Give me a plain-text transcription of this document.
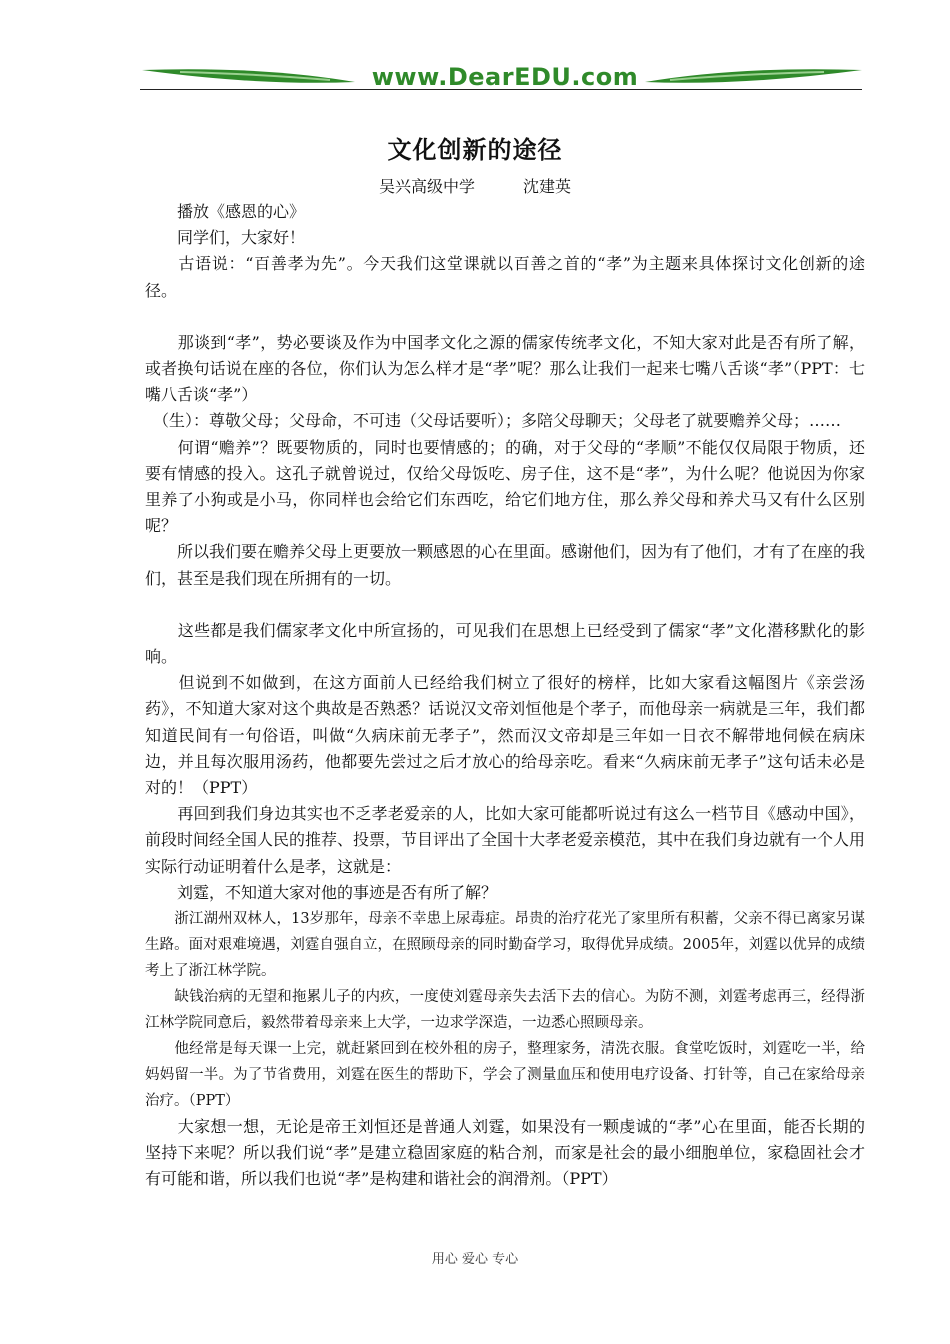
www.DearEDU.com
文化创新的途径
吴兴高级中学	沈建英

　　播放《感恩的心》

　　同学们，大家好！

　　古语说：“百善孝为先”。今天我们这堂课就以百善之首的“孝”为主题来具体探讨文化创新的途径。

　　那谈到“孝”，势必要谈及作为中国孝文化之源的儒家传统孝文化，不知大家对此是否有所了解，或者换句话说在座的各位，你们认为怎么样才是“孝”呢？那么让我们一起来七嘴八舌谈“孝”（PPT：七嘴八舌谈“孝”）

　（生）：尊敬父母；父母命，不可违（父母话要听）；多陪父母聊天；父母老了就要赡养父母；……

　　何谓“赡养”？既要物质的，同时也要情感的；的确，对于父母的“孝顺”不能仅仅局限于物质，还要有情感的投入。这孔子就曾说过，仅给父母饭吃、房子住，这不是“孝”，为什么呢？他说因为你家里养了小狗或是小马，你同样也会给它们东西吃，给它们地方住，那么养父母和养犬马又有什么区别呢？

　　所以我们要在赡养父母上更要放一颗感恩的心在里面。感谢他们，因为有了他们，才有了在座的我们，甚至是我们现在所拥有的一切。

　　这些都是我们儒家孝文化中所宣扬的，可见我们在思想上已经受到了儒家“孝”文化潜移默化的影响。

　　但说到不如做到，在这方面前人已经给我们树立了很好的榜样，比如大家看这幅图片《亲尝汤药》，不知道大家对这个典故是否熟悉？话说汉文帝刘恒他是个孝子，而他母亲一病就是三年，我们都知道民间有一句俗语，叫做“久病床前无孝子”，然而汉文帝却是三年如一日衣不解带地伺候在病床边，并且每次服用汤药，他都要先尝过之后才放心的给母亲吃。看来“久病床前无孝子”这句话未必是对的！（PPT）

　　再回到我们身边其实也不乏孝老爱亲的人，比如大家可能都听说过有这么一档节目《感动中国》，前段时间经全国人民的推荐、投票，节目评出了全国十大孝老爱亲模范，其中在我们身边就有一个人用实际行动证明着什么是孝，这就是：

　　刘霆，不知道大家对他的事迹是否有所了解？

　　浙江湖州双林人，13岁那年，母亲不幸患上尿毒症。昂贵的治疗花光了家里所有积蓄，父亲不得已离家另谋生路。面对艰难境遇，刘霆自强自立，在照顾母亲的同时勤奋学习，取得优异成绩。2005年，刘霆以优异的成绩考上了浙江林学院。

　　缺钱治病的无望和拖累儿子的内疚，一度使刘霆母亲失去活下去的信心。为防不测，刘霆考虑再三，经得浙江林学院同意后，毅然带着母亲来上大学，一边求学深造，一边悉心照顾母亲。

　　他经常是每天课一上完，就赶紧回到在校外租的房子，整理家务，清洗衣服。食堂吃饭时，刘霆吃一半，给妈妈留一半。为了节省费用，刘霆在医生的帮助下，学会了测量血压和使用电疗设备、打针等，自己在家给母亲治疗。（PPT）

　　大家想一想，无论是帝王刘恒还是普通人刘霆，如果没有一颗虔诚的“孝”心在里面，能否长期的坚持下来呢？所以我们说“孝”是建立稳固家庭的粘合剂，而家是社会的最小细胞单位，家稳固社会才有可能和谐，所以我们也说“孝”是构建和谐社会的润滑剂。（PPT）

用心 爱心 专心
